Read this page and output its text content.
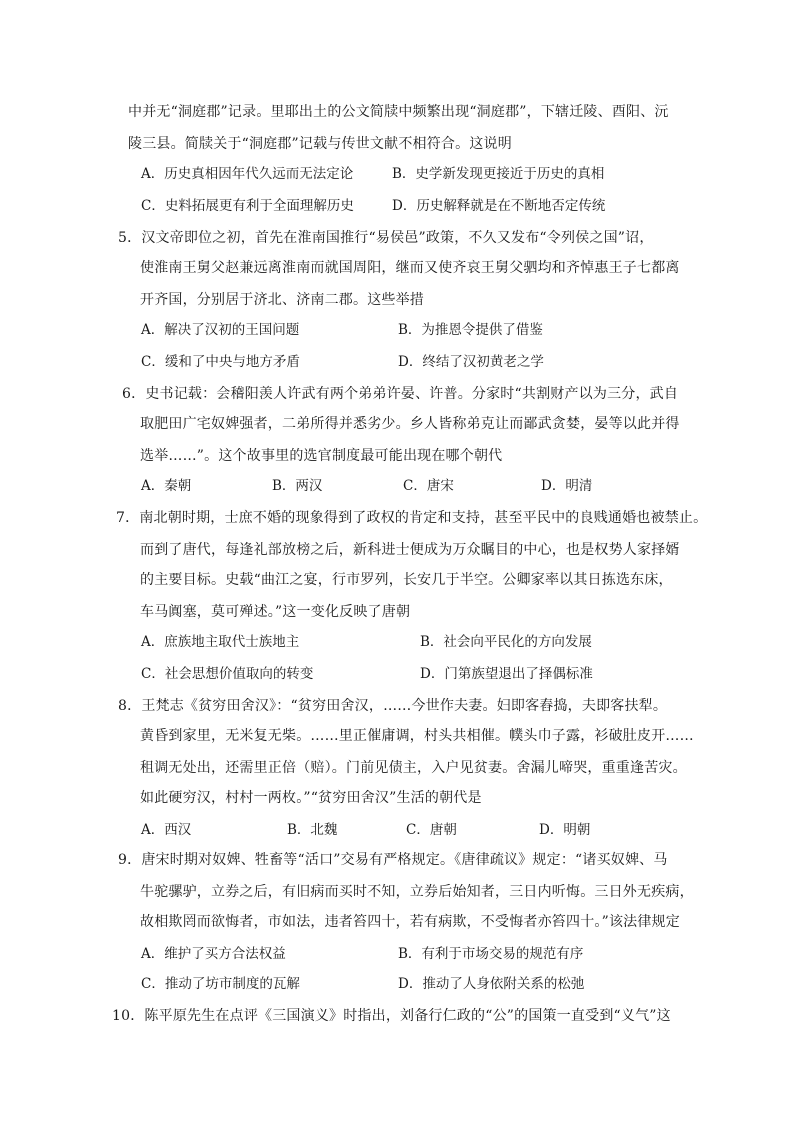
中并无“洞庭郡”记录。里耶出土的公文简牍中频繁出现“洞庭郡”，下辖迁陵、酉阳、沅
陵三县。简牍关于“洞庭郡”记载与传世文献不相符合。这说明
A．历史真相因年代久远而无法定论	B．史学新发现更接近于历史的真相
C．史料拓展更有利于全面理解历史	D．历史解释就是在不断地否定传统
5．汉文帝即位之初，首先在淮南国推行“易侯邑”政策，不久又发布“令列侯之国”诏，
使淮南王舅父赵兼远离淮南而就国周阳，继而又使齐哀王舅父驷均和齐悼惠王子七都离
开齐国，分别居于济北、济南二郡。这些举措
A．解决了汉初的王国问题	B．为推恩令提供了借鉴
C．缓和了中央与地方矛盾	D．终结了汉初黄老之学
6．史书记载：会稽阳羡人许武有两个弟弟许晏、许普。分家时“共割财产以为三分，武自
取肥田广宅奴婢强者，二弟所得并悉劣少。乡人皆称弟克让而鄙武贪婪，晏等以此并得
选举……”。这个故事里的选官制度最可能出现在哪个朝代
A．秦朝	B．两汉	C．唐宋	D．明清
7．南北朝时期，士庶不婚的现象得到了政权的肯定和支持，甚至平民中的良贱通婚也被禁止。
而到了唐代，每逢礼部放榜之后，新科进士便成为万众瞩目的中心，也是权势人家择婿
的主要目标。史载“曲江之宴，行市罗列，长安几于半空。公卿家率以其日拣选东床，
车马阗塞，莫可殚述。”这一变化反映了唐朝
A．庶族地主取代士族地主	B．社会向平民化的方向发展
C．社会思想价值取向的转变	D．门第族望退出了择偶标准
8．王梵志《贫穷田舍汉》：“贫穷田舍汉，……今世作夫妻。妇即客舂捣，夫即客扶犁。
黄昏到家里，无米复无柴。……里正催庸调，村头共相催。幞头巾子露，衫破肚皮开……
租调无处出，还需里正倍（赔）。门前见债主，入户见贫妻。舍漏儿啼哭，重重逢苦灾。
如此硬穷汉，村村一两枚。”“贫穷田舍汉”生活的朝代是
A．西汉	B．北魏	C．唐朝	D．明朝
9．唐宋时期对奴婢、牲畜等“活口”交易有严格规定。《唐律疏议》规定：“诸买奴婢、马
牛驼骡驴，立券之后，有旧病而买时不知，立券后始知者，三日内听悔。三日外无疾病，
故相欺罔而欲悔者，市如法，违者笞四十，若有病欺，不受悔者亦笞四十。”该法律规定
A．维护了买方合法权益	B．有利于市场交易的规范有序
C．推动了坊市制度的瓦解	D．推动了人身依附关系的松弛
10．陈平原先生在点评《三国演义》时指出，刘备行仁政的“公”的国策一直受到“义气”这
